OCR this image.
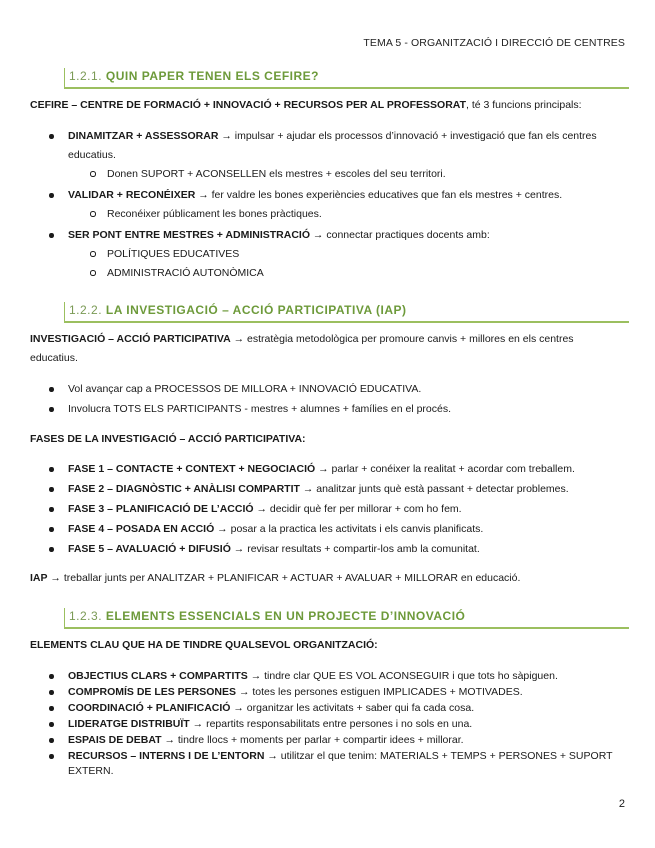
TEMA 5 - ORGANITZACIÓ I DIRECCIÓ DE CENTRES
1.2.1. QUIN PAPER TENEN ELS CEFIRE?
CEFIRE – CENTRE DE FORMACIÓ + INNOVACIÓ + RECURSOS PER AL PROFESSORAT, té 3 funcions principals:
DINAMITZAR + ASSESSORAR → impulsar + ajudar els processos d’innovació + investigació que fan els centres
educatius.
Donen SUPORT + ACONSELLEN els mestres + escoles del seu territori.
VALIDAR + RECONÉIXER → fer valdre les bones experiències educatives que fan els mestres + centres.
Reconéixer públicament les bones pràctiques.
SER PONT ENTRE MESTRES + ADMINISTRACIÓ → connectar practiques docents amb:
POLÍTIQUES EDUCATIVES
ADMINISTRACIÓ AUTONÒMICA
1.2.2. LA INVESTIGACIÓ – ACCIÓ PARTICIPATIVA (IAP)
INVESTIGACIÓ – ACCIÓ PARTICIPATIVA → estratègia metodològica per promoure canvis + millores en els centres
educatius.
Vol avançar cap a PROCESSOS DE MILLORA + INNOVACIÓ EDUCATIVA.
Involucra TOTS ELS PARTICIPANTS - mestres + alumnes + famílies en el procés.
FASES DE LA INVESTIGACIÓ – ACCIÓ PARTICIPATIVA:
FASE 1 – CONTACTE + CONTEXT + NEGOCIACIÓ → parlar + conéixer la realitat + acordar com treballem.
FASE 2 – DIAGNÒSTIC + ANÀLISI COMPARTIT → analitzar junts què està passant + detectar problemes.
FASE 3 – PLANIFICACIÓ DE L’ACCIÓ → decidir què fer per millorar + com ho fem.
FASE 4 – POSADA EN ACCIÓ → posar a la practica les activitats i els canvis planificats.
FASE 5 – AVALUACIÓ + DIFUSIÓ → revisar resultats + compartir-los amb la comunitat.
IAP → treballar junts per ANALITZAR + PLANIFICAR + ACTUAR + AVALUAR + MILLORAR en educació.
1.2.3. ELEMENTS ESSENCIALS EN UN PROJECTE D’INNOVACIÓ
ELEMENTS CLAU QUE HA DE TINDRE QUALSEVOL ORGANITZACIÓ:
OBJECTIUS CLARS + COMPARTITS → tindre clar QUE ES VOL ACONSEGUIR i que tots ho sàpiguen.
COMPROMÍS DE LES PERSONES → totes les persones estiguen IMPLICADES + MOTIVADES.
COORDINACIÓ + PLANIFICACIÓ → organitzar les activitats + saber qui fa cada cosa.
LIDERATGE DISTRIBUÏT → repartits responsabilitats entre persones i no sols en una.
ESPAIS DE DEBAT → tindre llocs + moments per parlar + compartir idees + millorar.
RECURSOS – INTERNS I DE L’ENTORN → utilitzar el que tenim: MATERIALS + TEMPS + PERSONES + SUPORT
EXTERN.
2
